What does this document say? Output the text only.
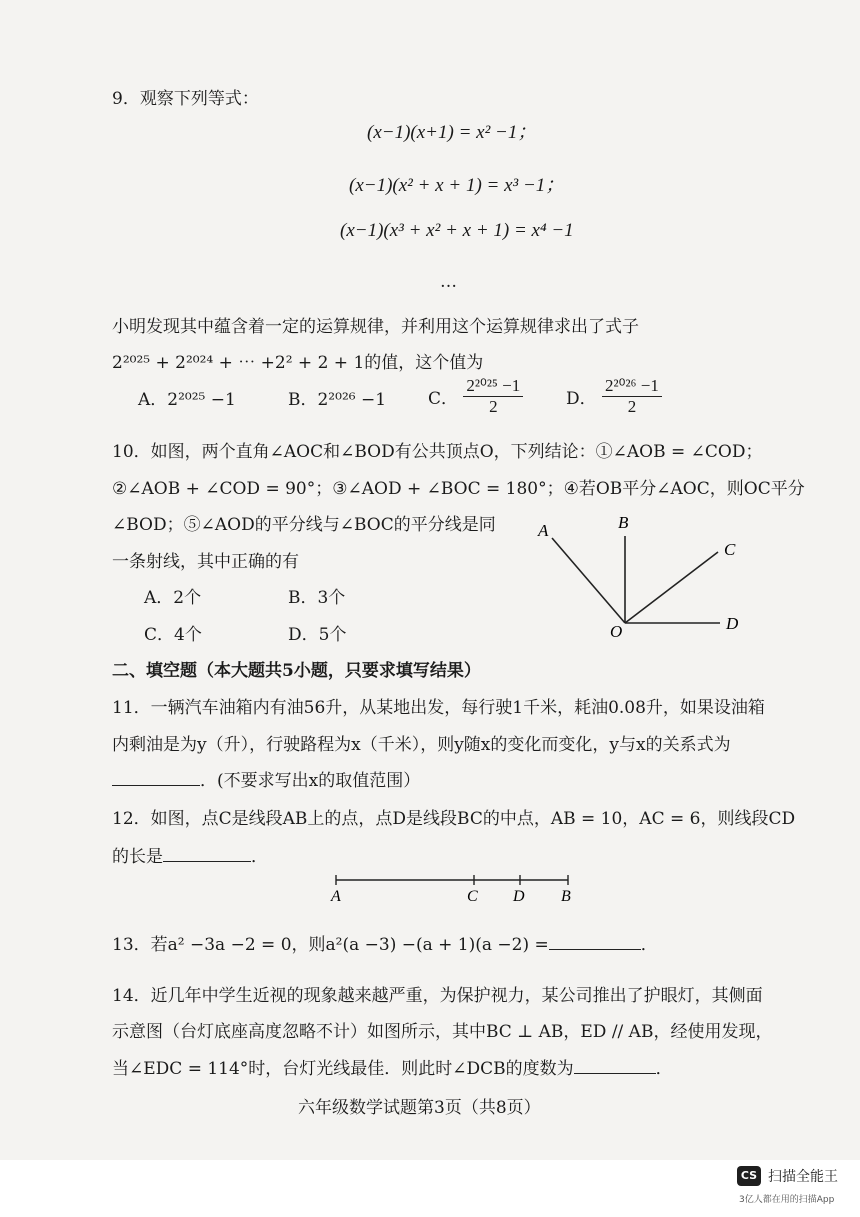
9．观察下列等式：
(x−1)(x+1) = x² −1；
(x−1)(x² + x + 1) = x³ −1；
(x−1)(x³ + x² + x + 1) = x⁴ −1
…
小明发现其中蕴含着一定的运算规律，并利用这个运算规律求出了式子
2²⁰²⁵ + 2²⁰²⁴ + ⋯ +2² + 2 + 1的值，这个值为
A．2²⁰²⁵ −1	B．2²⁰²⁶ −1 C． $\frac{\text{2²⁰²⁵ −1}}{2}$	D． $\frac{\text{2²⁰²⁶ −1}}{2}$
10．如图，两个直角∠AOC和∠BOD有公共顶点O，下列结论：①∠AOB = ∠COD；
②∠AOB + ∠COD = 90°；③∠AOD + ∠BOC = 180°；④若OB平分∠AOC，则OC平分
∠BOD；⑤∠AOD的平分线与∠BOC的平分线是同
一条射线，其中正确的有
A．2个	B．3个
C．4个	D．5个
A	B
C
D
O
二、填空题（本大题共5小题，只要求填写结果）
11．一辆汽车油箱内有油56升，从某地出发，每行驶1千米，耗油0.08升，如果设油箱
内剩油是为y（升），行驶路程为x（千米），则y随x的变化而变化，y与x的关系式为
．(不要求写出x的取值范围）
12．如图，点C是线段AB上的点，点D是线段BC的中点，AB = 10，AC = 6，则线段CD
的长是	．
A	C D B
13．若a² −3a −2 = 0，则a²(a −3) −(a + 1)(a −2) =	．
14．近几年中学生近视的现象越来越严重，为保护视力，某公司推出了护眼灯，其侧面
示意图（台灯底座高度忽略不计）如图所示，其中BC ⊥ AB，ED // AB，经使用发现，
当∠EDC = 114°时，台灯光线最佳．则此时∠DCB的度数为	．
六年级数学试题第3页（共8页）
CS 扫描全能王
3亿人都在用的扫描App
